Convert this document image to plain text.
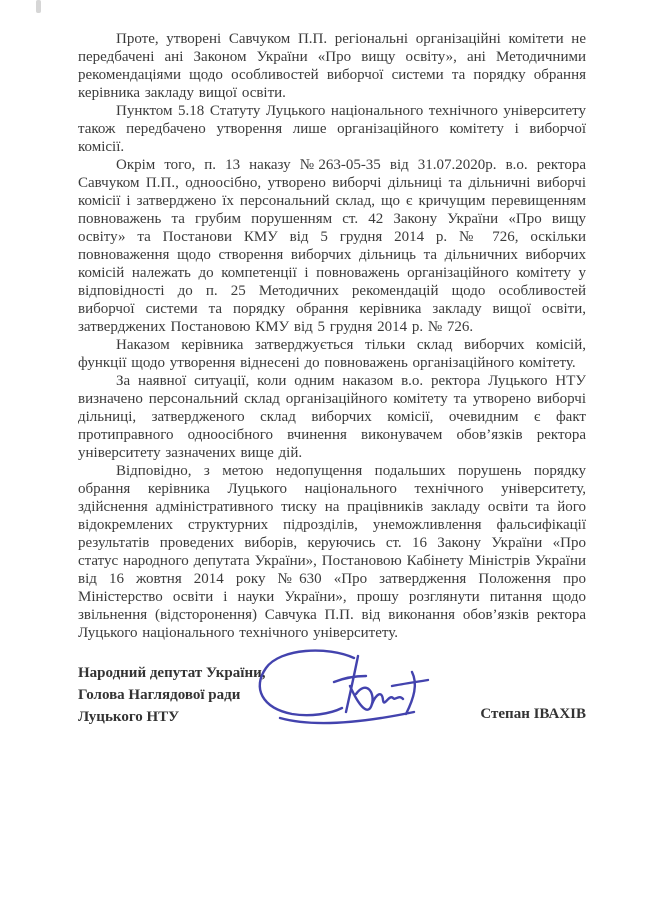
Проте, утворені Савчуком П.П. регіональні організаційні комітети не передбачені ані Законом України «Про вищу освіту», ані Методичними рекомендаціями щодо особливостей виборчої системи та порядку обрання керівника закладу вищої освіти.

Пунктом 5.18 Статуту Луцького національного технічного університету також передбачено утворення лише організаційного комітету і виборчої комісії.

Окрім того, п. 13 наказу №263-05-35 від 31.07.2020р. в.о. ректора Савчуком П.П., одноосібно, утворено виборчі дільниці та дільничні виборчі комісії і затверджено їх персональний склад, що є кричущим перевищенням повноважень та грубим порушенням ст. 42 Закону України «Про вищу освіту» та Постанови КМУ від 5 грудня 2014 р. № 726, оскільки повноваження щодо створення виборчих дільниць та дільничних виборчих комісій належать до компетенції і повноважень організаційного комітету у відповідності до п. 25 Методичних рекомендацій щодо особливостей виборчої системи та порядку обрання керівника закладу вищої освіти, затверджених Постановою КМУ від 5 грудня 2014 р. № 726.

Наказом керівника затверджується тільки склад виборчих комісій, функції щодо утворення віднесені до повноважень організаційного комітету.

За наявної ситуації, коли одним наказом в.о. ректора Луцького НТУ визначено персональний склад організаційного комітету та утворено виборчі дільниці, затвердженого склад виборчих комісії, очевидним є факт протиправного одноосібного вчинення виконувачем обов’язків ректора університету зазначених вище дій.

Відповідно, з метою недопущення подальших порушень порядку обрання керівника Луцького національного технічного університету, здійснення адміністративного тиску на працівників закладу освіти та його відокремлених структурних підрозділів, унеможливлення фальсифікації результатів проведених виборів, керуючись ст. 16 Закону України «Про статус народного депутата України», Постановою Кабінету Міністрів України від 16 жовтня 2014 року №630 «Про затвердження Положення про Міністерство освіти і науки України», прошу розглянути питання щодо звільнення (відсторонення) Савчука П.П. від виконання обов’язків ректора Луцького національного технічного університету.

Народний депутат України,
Голова Наглядової ради
Луцького НТУ	Степан ІВАХІВ
